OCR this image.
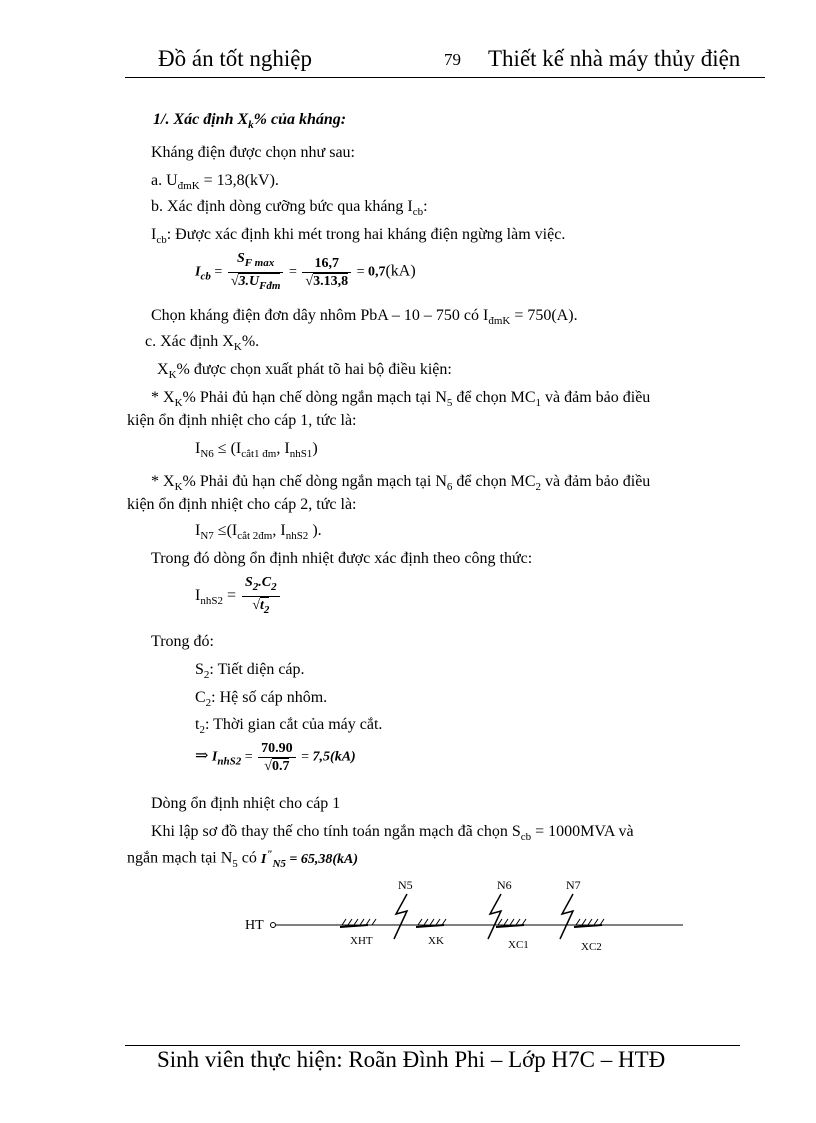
Đồ án tốt nghiệp	79 Thiết kế nhà máy thủy điện
1/. Xác định $X_k\%$ của kháng:
Kháng điện được chọn như sau:
a. $U_{đmK} = 13,8(kV)$.
b. Xác định dòng cưỡng bức qua kháng $I_{cb}$:
$I_{cb}$: Được xác định khi mét trong hai kháng điện ngừng làm việc.
$I_{cb} = \frac{S_{F max}}{√3.U_{Fđm}} = \frac{16,7}{√3.13,8} = 0,7(kA)$
Chọn kháng điện đơn dây nhôm PbA – 10 – 750 có $I_{đmK} = 750(A)$.
c. Xác định $X_K\%$.
$X_K\%$ được chọn xuất phát tõ hai bộ điều kiện:
* $X_K\%$ Phải đủ hạn chế dòng ngắn mạch tại $N_5$ để chọn $MC_1$ và đảm bảo điều
kiện ổn định nhiệt cho cáp 1, tức là:
$I_{N6} \le (I_{cắt1 đm}$, $I_{nhS1}$)
* $X_K\%$ Phải đủ hạn chế dòng ngắn mạch tại $N_6$ để chọn $MC_2$ và đảm bảo điều
kiện ổn định nhiệt cho cáp 2, tức là:
$I_{N7} \le(I_{cắt 2đm}$, $I_{nhS2}$ ).
Trong đó dòng ổn định nhiệt được xác định theo công thức:
$I_{nhS2} = \frac{S_2.C_2}{√t_2}$
Trong đó:
$S_2$: Tiết diện cáp.
$C_2$: Hệ số cáp nhôm.
$t_2$: Thời gian cắt của máy cắt.
⇒ $I_{nhS2} = \frac{70.90}{√0.7} = 7,5(kA)$
Dòng ổn định nhiệt cho cáp 1
Khi lập sơ đồ thay thế cho tính toán ngắn mạch đã chọn $S_{cb} = 1000MVA$ và
ngắn mạch tại $N_5$ có $I^"_{N5} = 65,38(kA)$
HT
N5	N6	N7
XHT	XK	XC1	XC2
Sinh viên thực hiện: Roãn Đình Phi – Lớp H7C – HTĐ
